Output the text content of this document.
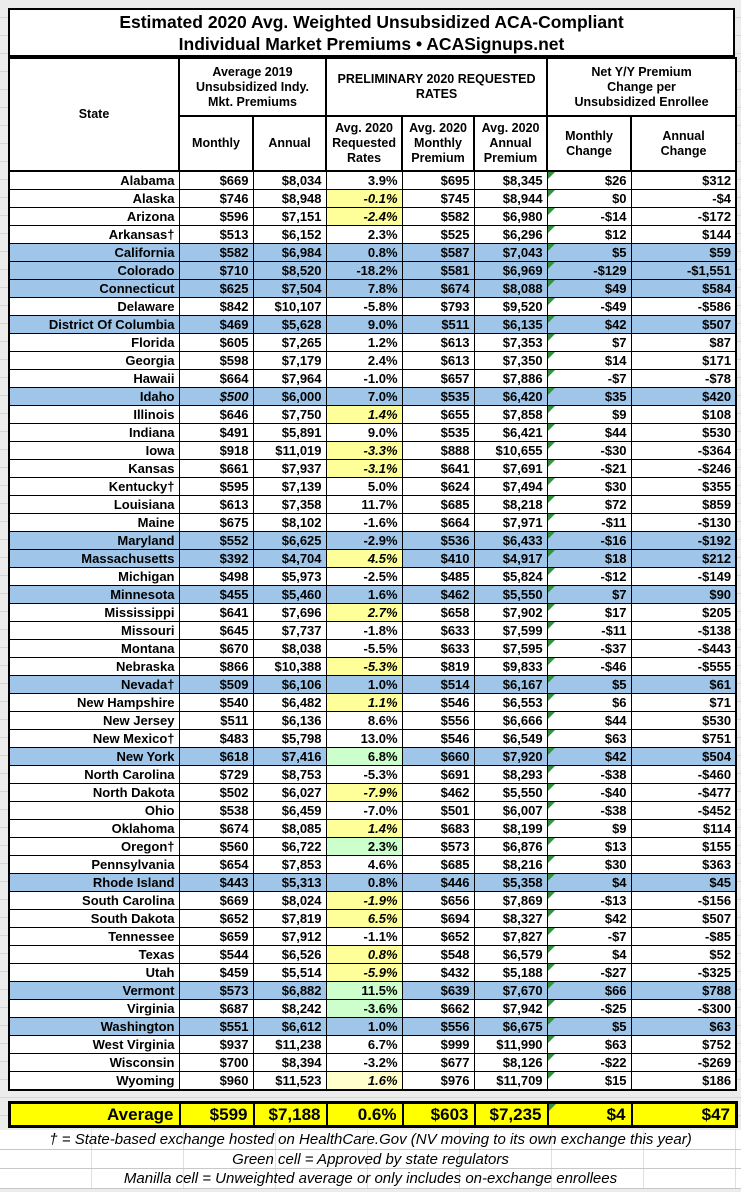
Estimated 2020 Avg. Weighted Unsubsidized ACA-Compliant
Individual Market Premiums • ACASignups.net
State	Average 2019 Unsubsidized Indy. Mkt. Premiums		PRELIMINARY 2020 REQUESTED RATES			Net Y/Y Premium Change per Unsubsidized Enrollee	
	Monthly	Annual	Avg. 2020 Requested Rates	Avg. 2020 Monthly Premium	Avg. 2020 Annual Premium	Monthly Change	Annual Change
Alabama	$669	$8,034	3.9%	$695	$8,345	$26	$312
Alaska	$746	$8,948	-0.1%	$745	$8,944	$0	-$4
Arizona	$596	$7,151	-2.4%	$582	$6,980	-$14	-$172
Arkansas†	$513	$6,152	2.3%	$525	$6,296	$12	$144
California	$582	$6,984	0.8%	$587	$7,043	$5	$59
Colorado	$710	$8,520	-18.2%	$581	$6,969	-$129	-$1,551
Connecticut	$625	$7,504	7.8%	$674	$8,088	$49	$584
Delaware	$842	$10,107	-5.8%	$793	$9,520	-$49	-$586
District Of Columbia	$469	$5,628	9.0%	$511	$6,135	$42	$507
Florida	$605	$7,265	1.2%	$613	$7,353	$7	$87
Georgia	$598	$7,179	2.4%	$613	$7,350	$14	$171
Hawaii	$664	$7,964	-1.0%	$657	$7,886	-$7	-$78
Idaho	$500	$6,000	7.0%	$535	$6,420	$35	$420
Illinois	$646	$7,750	1.4%	$655	$7,858	$9	$108
Indiana	$491	$5,891	9.0%	$535	$6,421	$44	$530
Iowa	$918	$11,019	-3.3%	$888	$10,655	-$30	-$364
Kansas	$661	$7,937	-3.1%	$641	$7,691	-$21	-$246
Kentucky†	$595	$7,139	5.0%	$624	$7,494	$30	$355
Louisiana	$613	$7,358	11.7%	$685	$8,218	$72	$859
Maine	$675	$8,102	-1.6%	$664	$7,971	-$11	-$130
Maryland	$552	$6,625	-2.9%	$536	$6,433	-$16	-$192
Massachusetts	$392	$4,704	4.5%	$410	$4,917	$18	$212
Michigan	$498	$5,973	-2.5%	$485	$5,824	-$12	-$149
Minnesota	$455	$5,460	1.6%	$462	$5,550	$7	$90
Mississippi	$641	$7,696	2.7%	$658	$7,902	$17	$205
Missouri	$645	$7,737	-1.8%	$633	$7,599	-$11	-$138
Montana	$670	$8,038	-5.5%	$633	$7,595	-$37	-$443
Nebraska	$866	$10,388	-5.3%	$819	$9,833	-$46	-$555
Nevada†	$509	$6,106	1.0%	$514	$6,167	$5	$61
New Hampshire	$540	$6,482	1.1%	$546	$6,553	$6	$71
New Jersey	$511	$6,136	8.6%	$556	$6,666	$44	$530
New Mexico†	$483	$5,798	13.0%	$546	$6,549	$63	$751
New York	$618	$7,416	6.8%	$660	$7,920	$42	$504
North Carolina	$729	$8,753	-5.3%	$691	$8,293	-$38	-$460
North Dakota	$502	$6,027	-7.9%	$462	$5,550	-$40	-$477
Ohio	$538	$6,459	-7.0%	$501	$6,007	-$38	-$452
Oklahoma	$674	$8,085	1.4%	$683	$8,199	$9	$114
Oregon†	$560	$6,722	2.3%	$573	$6,876	$13	$155
Pennsylvania	$654	$7,853	4.6%	$685	$8,216	$30	$363
Rhode Island	$443	$5,313	0.8%	$446	$5,358	$4	$45
South Carolina	$669	$8,024	-1.9%	$656	$7,869	-$13	-$156
South Dakota	$652	$7,819	6.5%	$694	$8,327	$42	$507
Tennessee	$659	$7,912	-1.1%	$652	$7,827	-$7	-$85
Texas	$544	$6,526	0.8%	$548	$6,579	$4	$52
Utah	$459	$5,514	-5.9%	$432	$5,188	-$27	-$325
Vermont	$573	$6,882	11.5%	$639	$7,670	$66	$788
Virginia	$687	$8,242	-3.6%	$662	$7,942	-$25	-$300
Washington	$551	$6,612	1.0%	$556	$6,675	$5	$63
West Virginia	$937	$11,238	6.7%	$999	$11,990	$63	$752
Wisconsin	$700	$8,394	-3.2%	$677	$8,126	-$22	-$269
Wyoming	$960	$11,523	1.6%	$976	$11,709	$15	$186
Average	$599	$7,188	0.6%	$603	$7,235	$4	$47
† = State-based exchange hosted on HealthCare.Gov (NV moving to its own exchange this year)
Green cell = Approved by state regulators
Manilla cell = Unweighted average or only includes on-exchange enrollees
